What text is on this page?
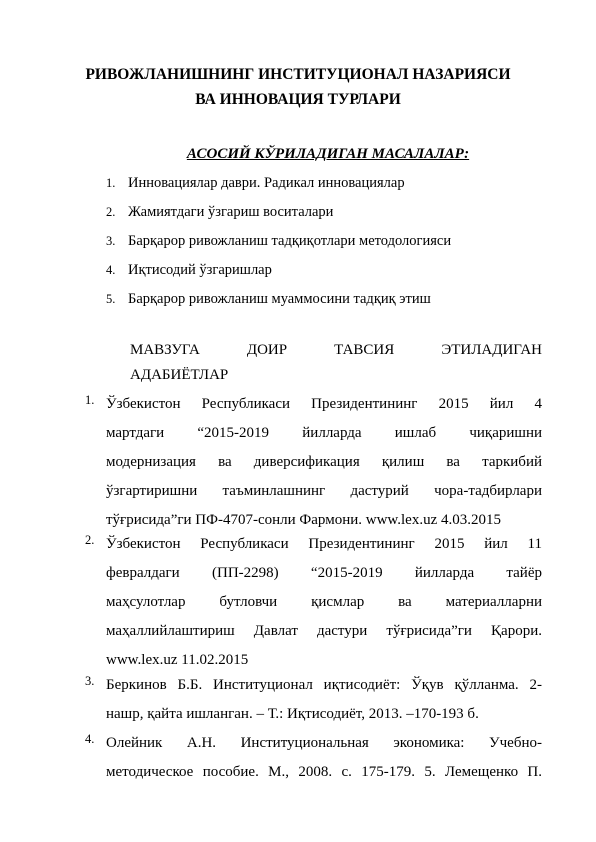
РИВОЖЛАНИШНИНГ ИНСТИТУЦИОНАЛ НАЗАРИЯСИ
ВА ИННОВАЦИЯ ТУРЛАРИ
АСОСИЙ КЎРИЛАДИГАН МАСАЛАЛАР:
1. Инновациялар даври. Радикал инновациялар
2. Жамиятдаги ўзгариш воситалари
3. Барқарор ривожланиш тадқиқотлари методологияси
4. Иқтисодий ўзгаришлар
5. Барқарор ривожланиш муаммосини тадқиқ этиш
МАВЗУГА ДОИР ТАВСИЯ ЭТИЛАДИГАН
АДАБИЁТЛАР
1. Ўзбекистон Республикаси Президентининг 2015 йил 4
мартдаги “2015-2019 йилларда ишлаб чиқаришни
модернизация ва диверсификация қилиш ва таркибий
ўзгартиришни таъминлашнинг дастурий чора-тадбирлари
тўғрисида”ги ПФ-4707-сонли Фармони. www.lex.uz 4.03.2015
2. Ўзбекистон Республикаси Президентининг 2015 йил 11
февралдаги (ПП-2298) “2015-2019 йилларда тайёр
маҳсулотлар бутловчи қисмлар ва материалларни
маҳаллийлаштириш Давлат дастури тўғрисида”ги Қарори.
www.lex.uz 11.02.2015
3. Беркинов Б.Б. Институционал иқтисодиёт: Ўқув қўлланма. 2-
нашр, қайта ишланган. – Т.: Иқтисодиёт, 2013. –170-193 б.
4. Олейник А.Н. Институциональная экономика: Учебно-
методическое пособие. М., 2008. с. 175-179. 5. Лемещенко П.
